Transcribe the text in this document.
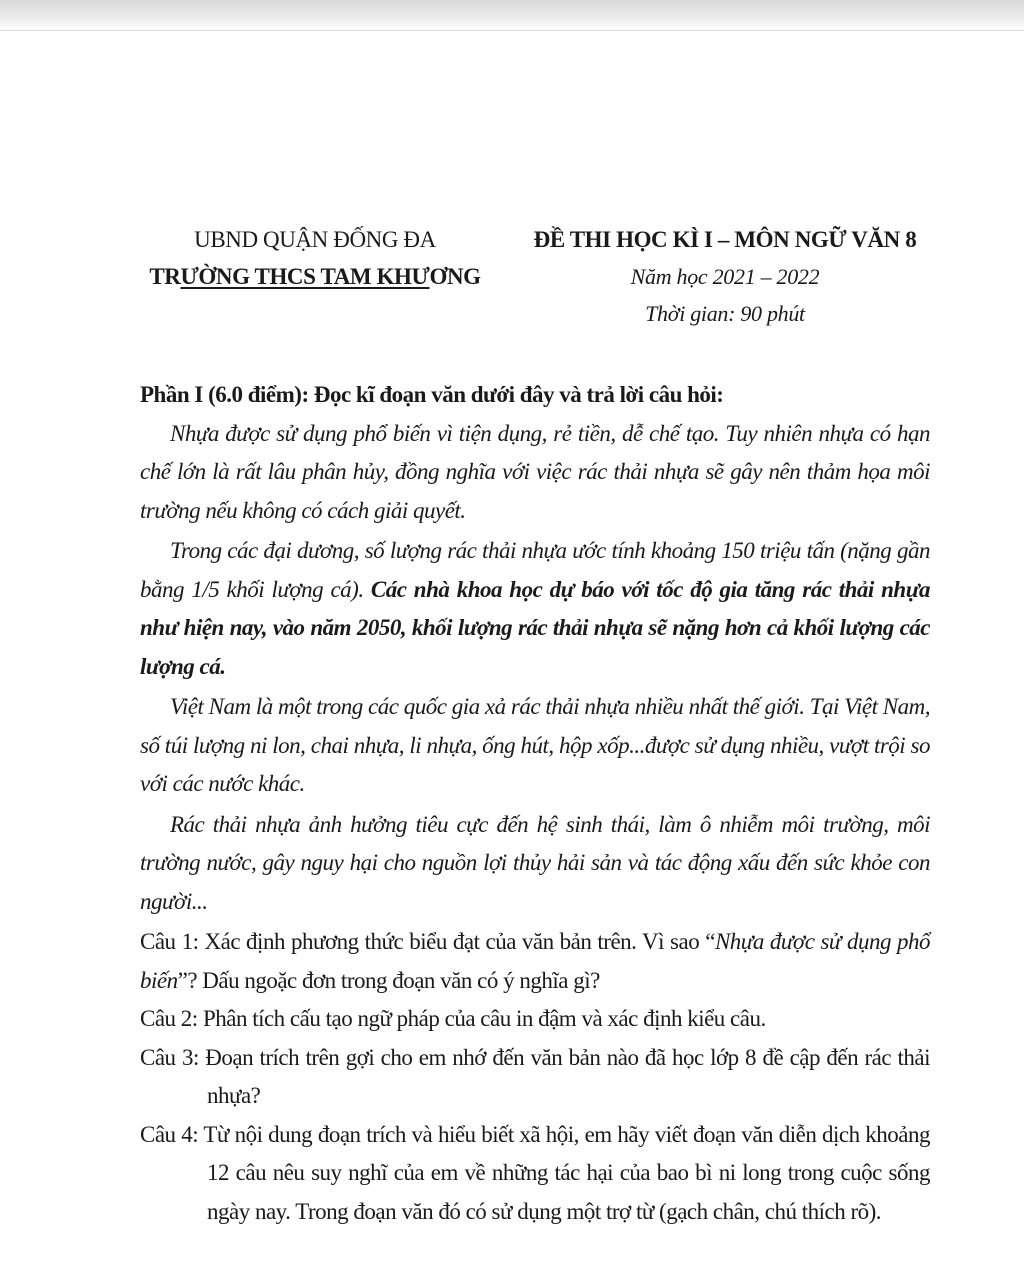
UBND QUẬN ĐỐNG ĐA
TRƯỜNG THCS TAM KHƯƠNG
ĐỀ THI HỌC KÌ I – MÔN NGỮ VĂN 8
Năm học 2021 – 2022
Thời gian: 90 phút
Phần I (6.0 điểm): Đọc kĩ đoạn văn dưới đây và trả lời câu hỏi:

Nhựa được sử dụng phổ biến vì tiện dụng, rẻ tiền, dễ chế tạo. Tuy nhiên nhựa có hạn chế lớn là rất lâu phân hủy, đồng nghĩa với việc rác thải nhựa sẽ gây nên thảm họa môi trường nếu không có cách giải quyết.

Trong các đại dương, số lượng rác thải nhựa ước tính khoảng 150 triệu tấn (nặng gần bằng 1/5 khối lượng cá). Các nhà khoa học dự báo với tốc độ gia tăng rác thải nhựa như hiện nay, vào năm 2050, khối lượng rác thải nhựa sẽ nặng hơn cả khối lượng các lượng cá.

Việt Nam là một trong các quốc gia xả rác thải nhựa nhiều nhất thế giới. Tại Việt Nam, số túi lượng ni lon, chai nhựa, li nhựa, ống hút, hộp xốp...được sử dụng nhiều, vượt trội so với các nước khác.

Rác thải nhựa ảnh hưởng tiêu cực đến hệ sinh thái, làm ô nhiễm môi trường, môi trường nước, gây nguy hại cho nguồn lợi thủy hải sản và tác động xấu đến sức khỏe con người...

Câu 1: Xác định phương thức biểu đạt của văn bản trên. Vì sao “Nhựa được sử dụng phổ biến”? Dấu ngoặc đơn trong đoạn văn có ý nghĩa gì?

Câu 2: Phân tích cấu tạo ngữ pháp của câu in đậm và xác định kiểu câu.

Câu 3: Đoạn trích trên gợi cho em nhớ đến văn bản nào đã học lớp 8 đề cập đến rác thải nhựa?

Câu 4: Từ nội dung đoạn trích và hiểu biết xã hội, em hãy viết đoạn văn diễn dịch khoảng 12 câu nêu suy nghĩ của em về những tác hại của bao bì ni long trong cuộc sống ngày nay. Trong đoạn văn đó có sử dụng một trợ từ (gạch chân, chú thích rõ).
